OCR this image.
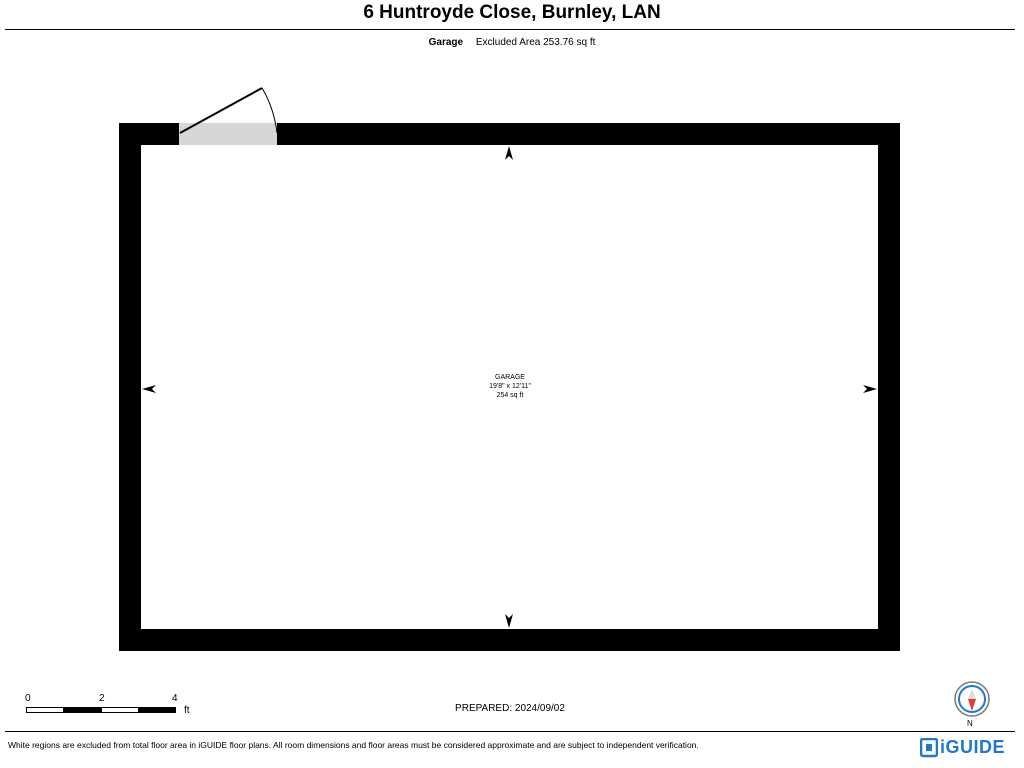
6 Huntroyde Close, Burnley, LAN
Garage Excluded Area 253.76 sq ft
GARAGE
19'8" x 12'11"
254 sq ft
0	2	4
ft	PREPARED: 2024/09/02
N
White regions are excluded from total floor area in iGUIDE floor plans. All room dimensions and floor areas must be considered approximate and are subject to independent verification.	iGUIDE
